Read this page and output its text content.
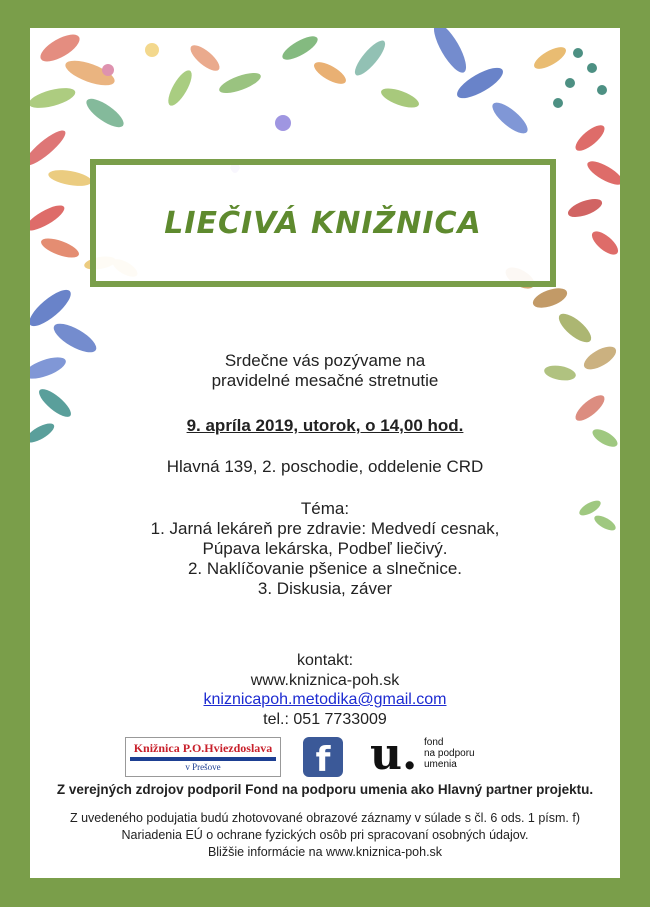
LIEČIVÁ KNIŽNICA
Srdečne vás pozývame na
pravidelné mesačné stretnutie
9. apríla 2019, utorok, o 14,00 hod.
Hlavná 139, 2. poschodie, oddelenie CRD
Téma:
1. Jarná lekáreň pre zdravie: Medvedí cesnak,
Púpava lekárska, Podbeľ liečivý.
2. Naklíčovanie pšenice a slnečnice.
3. Diskusia, záver
kontakt:
www.kniznica-poh.sk
kniznicapoh.metodika@gmail.com
tel.: 051 7733009
Knižnica P.O.Hviezdoslava
v Prešove	f u. fond
na podporu
umenia
Z verejných zdrojov podporil Fond na podporu umenia ako Hlavný partner projektu.
Z uvedeného podujatia budú zhotovované obrazové záznamy v súlade s čl. 6 ods. 1 písm. f)
Nariadenia EÚ o ochrane fyzických osôb pri spracovaní osobných údajov.
Bližšie informácie na www.kniznica-poh.sk
